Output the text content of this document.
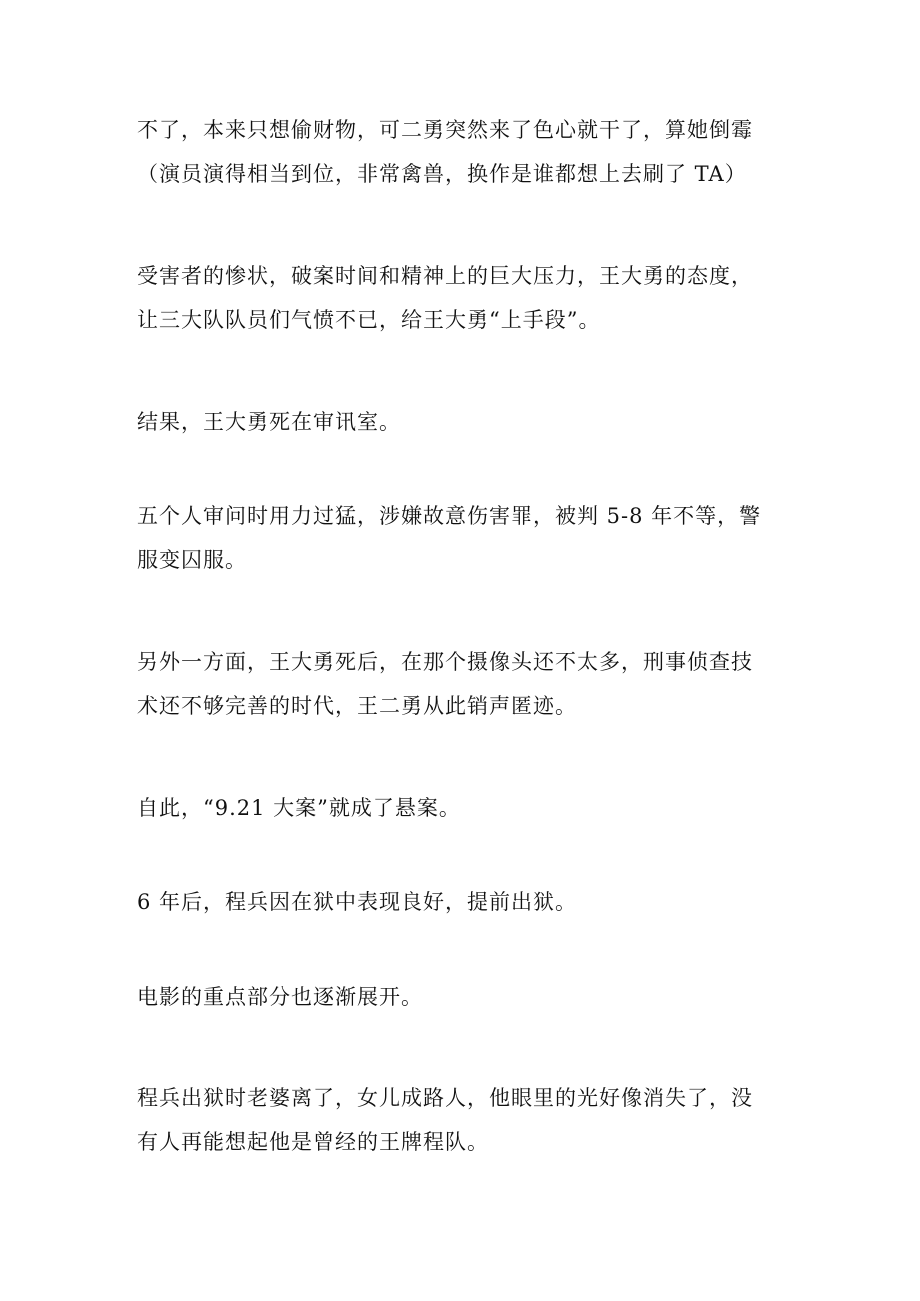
不了，本来只想偷财物，可二勇突然来了色心就干了，算她倒霉
（演员演得相当到位，非常禽兽，换作是谁都想上去刷了 TA）

受害者的惨状，破案时间和精神上的巨大压力，王大勇的态度，
让三大队队员们气愤不已，给王大勇“上手段”。

结果，王大勇死在审讯室。

五个人审问时用力过猛，涉嫌故意伤害罪，被判 5-8 年不等，警
服变囚服。

另外一方面，王大勇死后，在那个摄像头还不太多，刑事侦查技
术还不够完善的时代，王二勇从此销声匿迹。

自此，“9.21 大案”就成了悬案。

6 年后，程兵因在狱中表现良好，提前出狱。

电影的重点部分也逐渐展开。

程兵出狱时老婆离了，女儿成路人，他眼里的光好像消失了，没
有人再能想起他是曾经的王牌程队。
